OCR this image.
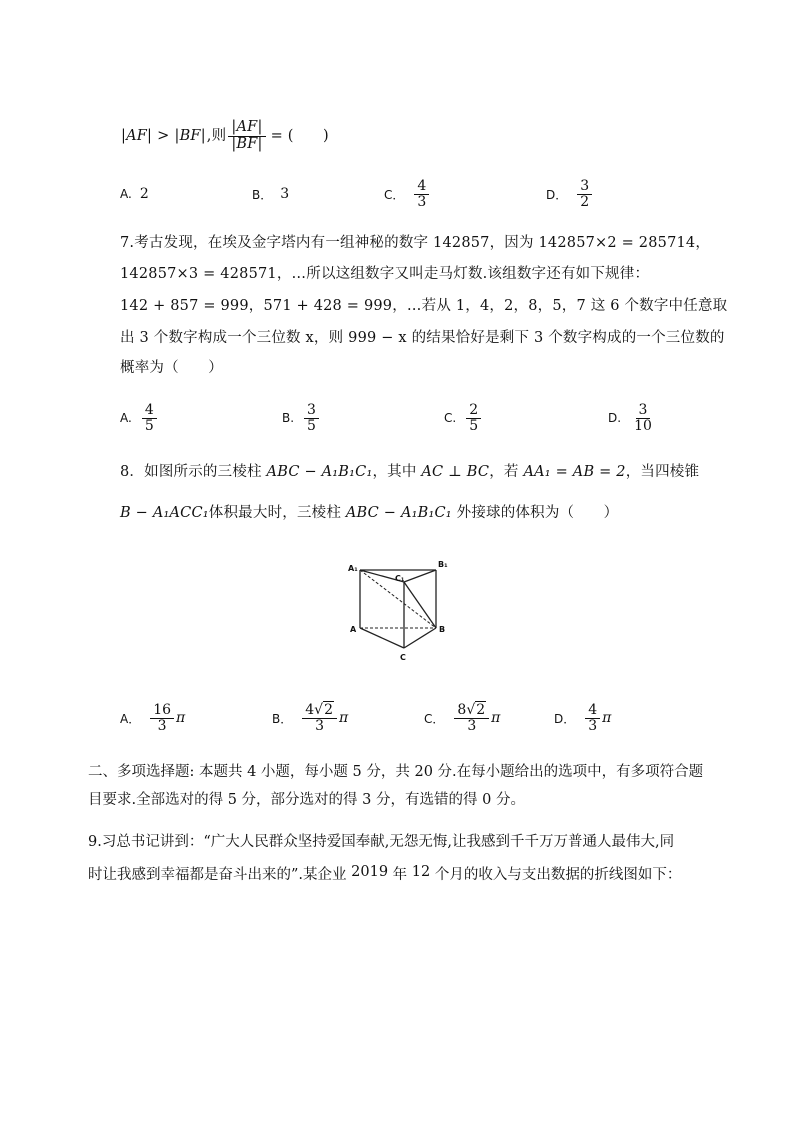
| AF | > | BF | ,则 | AF |
| BF | = (　　)
A. 2	B． 3	C． $\frac{4}{3}$	D． $\frac{3}{2}$
7.考古发现，在埃及金字塔内有一组神秘的数字 142857，因为 142857×2 = 285714，
142857×3 = 428571，…所以这组数字又叫走马灯数.该组数字还有如下规律：
142 + 857 = 999，571 + 428 = 999，…若从 1，4，2，8，5，7 这 6 个数字中任意取
出 3 个数字构成一个三位数 x，则 999 − x 的结果恰好是剩下 3 个数字构成的一个三位数的
概率为（　　）
A. $\frac{4}{5}$	B. $\frac{3}{5}$	C. $\frac{2}{5}$	D. $\frac{3}{10}$
8．如图所示的三棱柱 ABC − A₁B₁C₁，其中 AC ⊥ BC，若 AA₁ = AB = 2，当四棱锥
B − A₁ACC₁体积最大时，三棱柱 ABC − A₁B₁C₁ 外接球的体积为（　　）
A₁	B₁
C₁
A	B
C
A． $\frac{16}{3}$ π	B． $\frac{4√2}{3}$ π	C． $\frac{8√2}{3}$ π	D． $\frac{4}{3}$ π
二、多项选择题: 本题共 4 小题，每小题 5 分，共 20 分.在每小题给出的选项中，有多项符合题
目要求.全部选对的得 5 分，部分选对的得 3 分，有选错的得 0 分。
9.习总书记讲到：“广大人民群众坚持爱国奉献,无怨无悔,让我感到千千万万普通人最伟大,同
时让我感到幸福都是奋斗出来的”.某企业 2019 年 12 个月的收入与支出数据的折线图如下：
